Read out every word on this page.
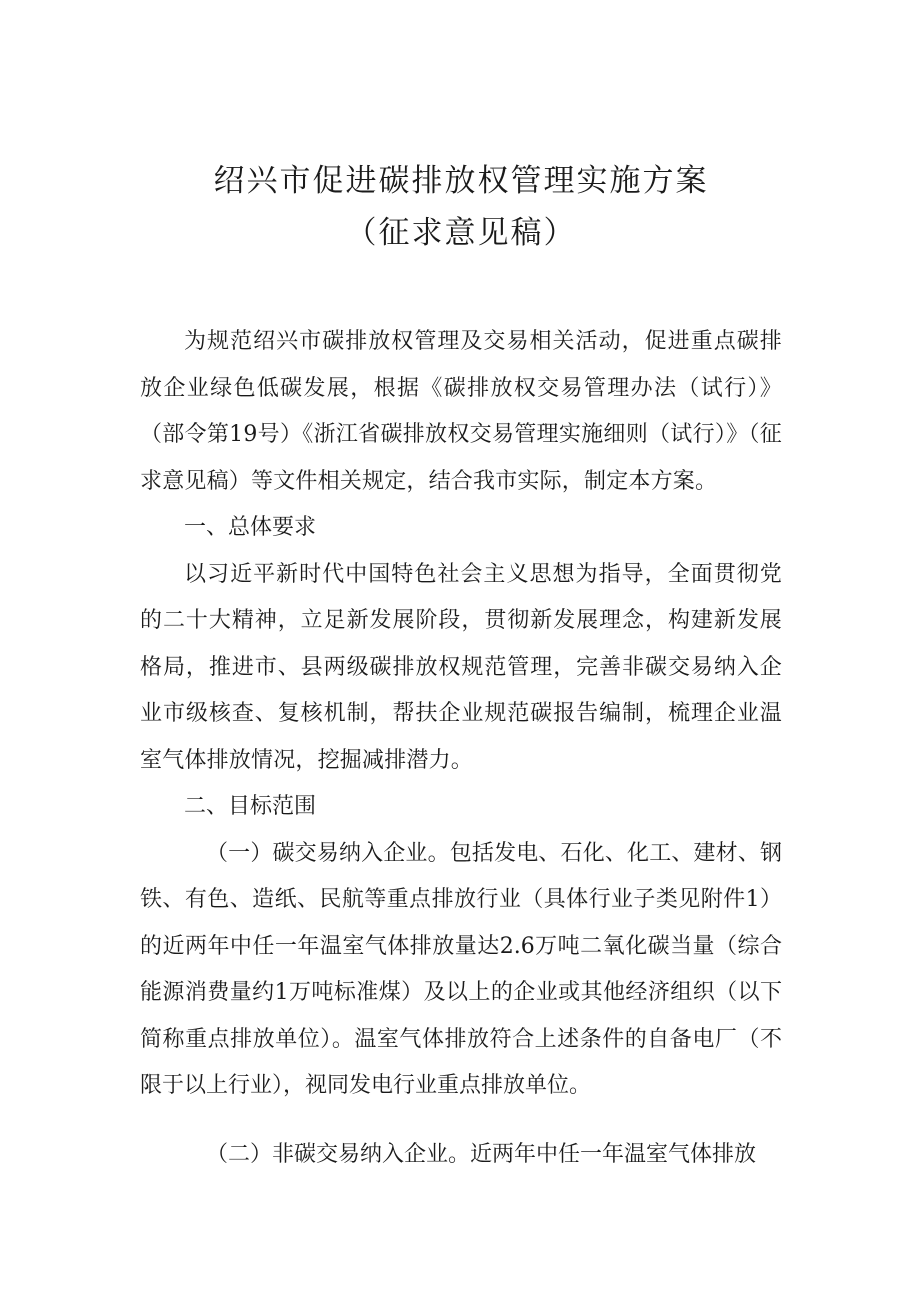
绍兴市促进碳排放权管理实施方案
（征求意见稿）

为规范绍兴市碳排放权管理及交易相关活动，促进重点碳排放企业绿色低碳发展，根据《碳排放权交易管理办法（试行）》（部令第19号）《浙江省碳排放权交易管理实施细则（试行）》（征求意见稿）等文件相关规定，结合我市实际，制定本方案。

一、总体要求

以习近平新时代中国特色社会主义思想为指导，全面贯彻党的二十大精神，立足新发展阶段，贯彻新发展理念，构建新发展格局，推进市、县两级碳排放权规范管理，完善非碳交易纳入企业市级核查、复核机制，帮扶企业规范碳报告编制，梳理企业温室气体排放情况，挖掘减排潜力。

二、目标范围

（一）碳交易纳入企业。包括发电、石化、化工、建材、钢铁、有色、造纸、民航等重点排放行业（具体行业子类见附件1）的近两年中任一年温室气体排放量达2.6万吨二氧化碳当量（综合能源消费量约1万吨标准煤）及以上的企业或其他经济组织（以下简称重点排放单位）。温室气体排放符合上述条件的自备电厂（不限于以上行业），视同发电行业重点排放单位。

（二）非碳交易纳入企业。近两年中任一年温室气体排放
